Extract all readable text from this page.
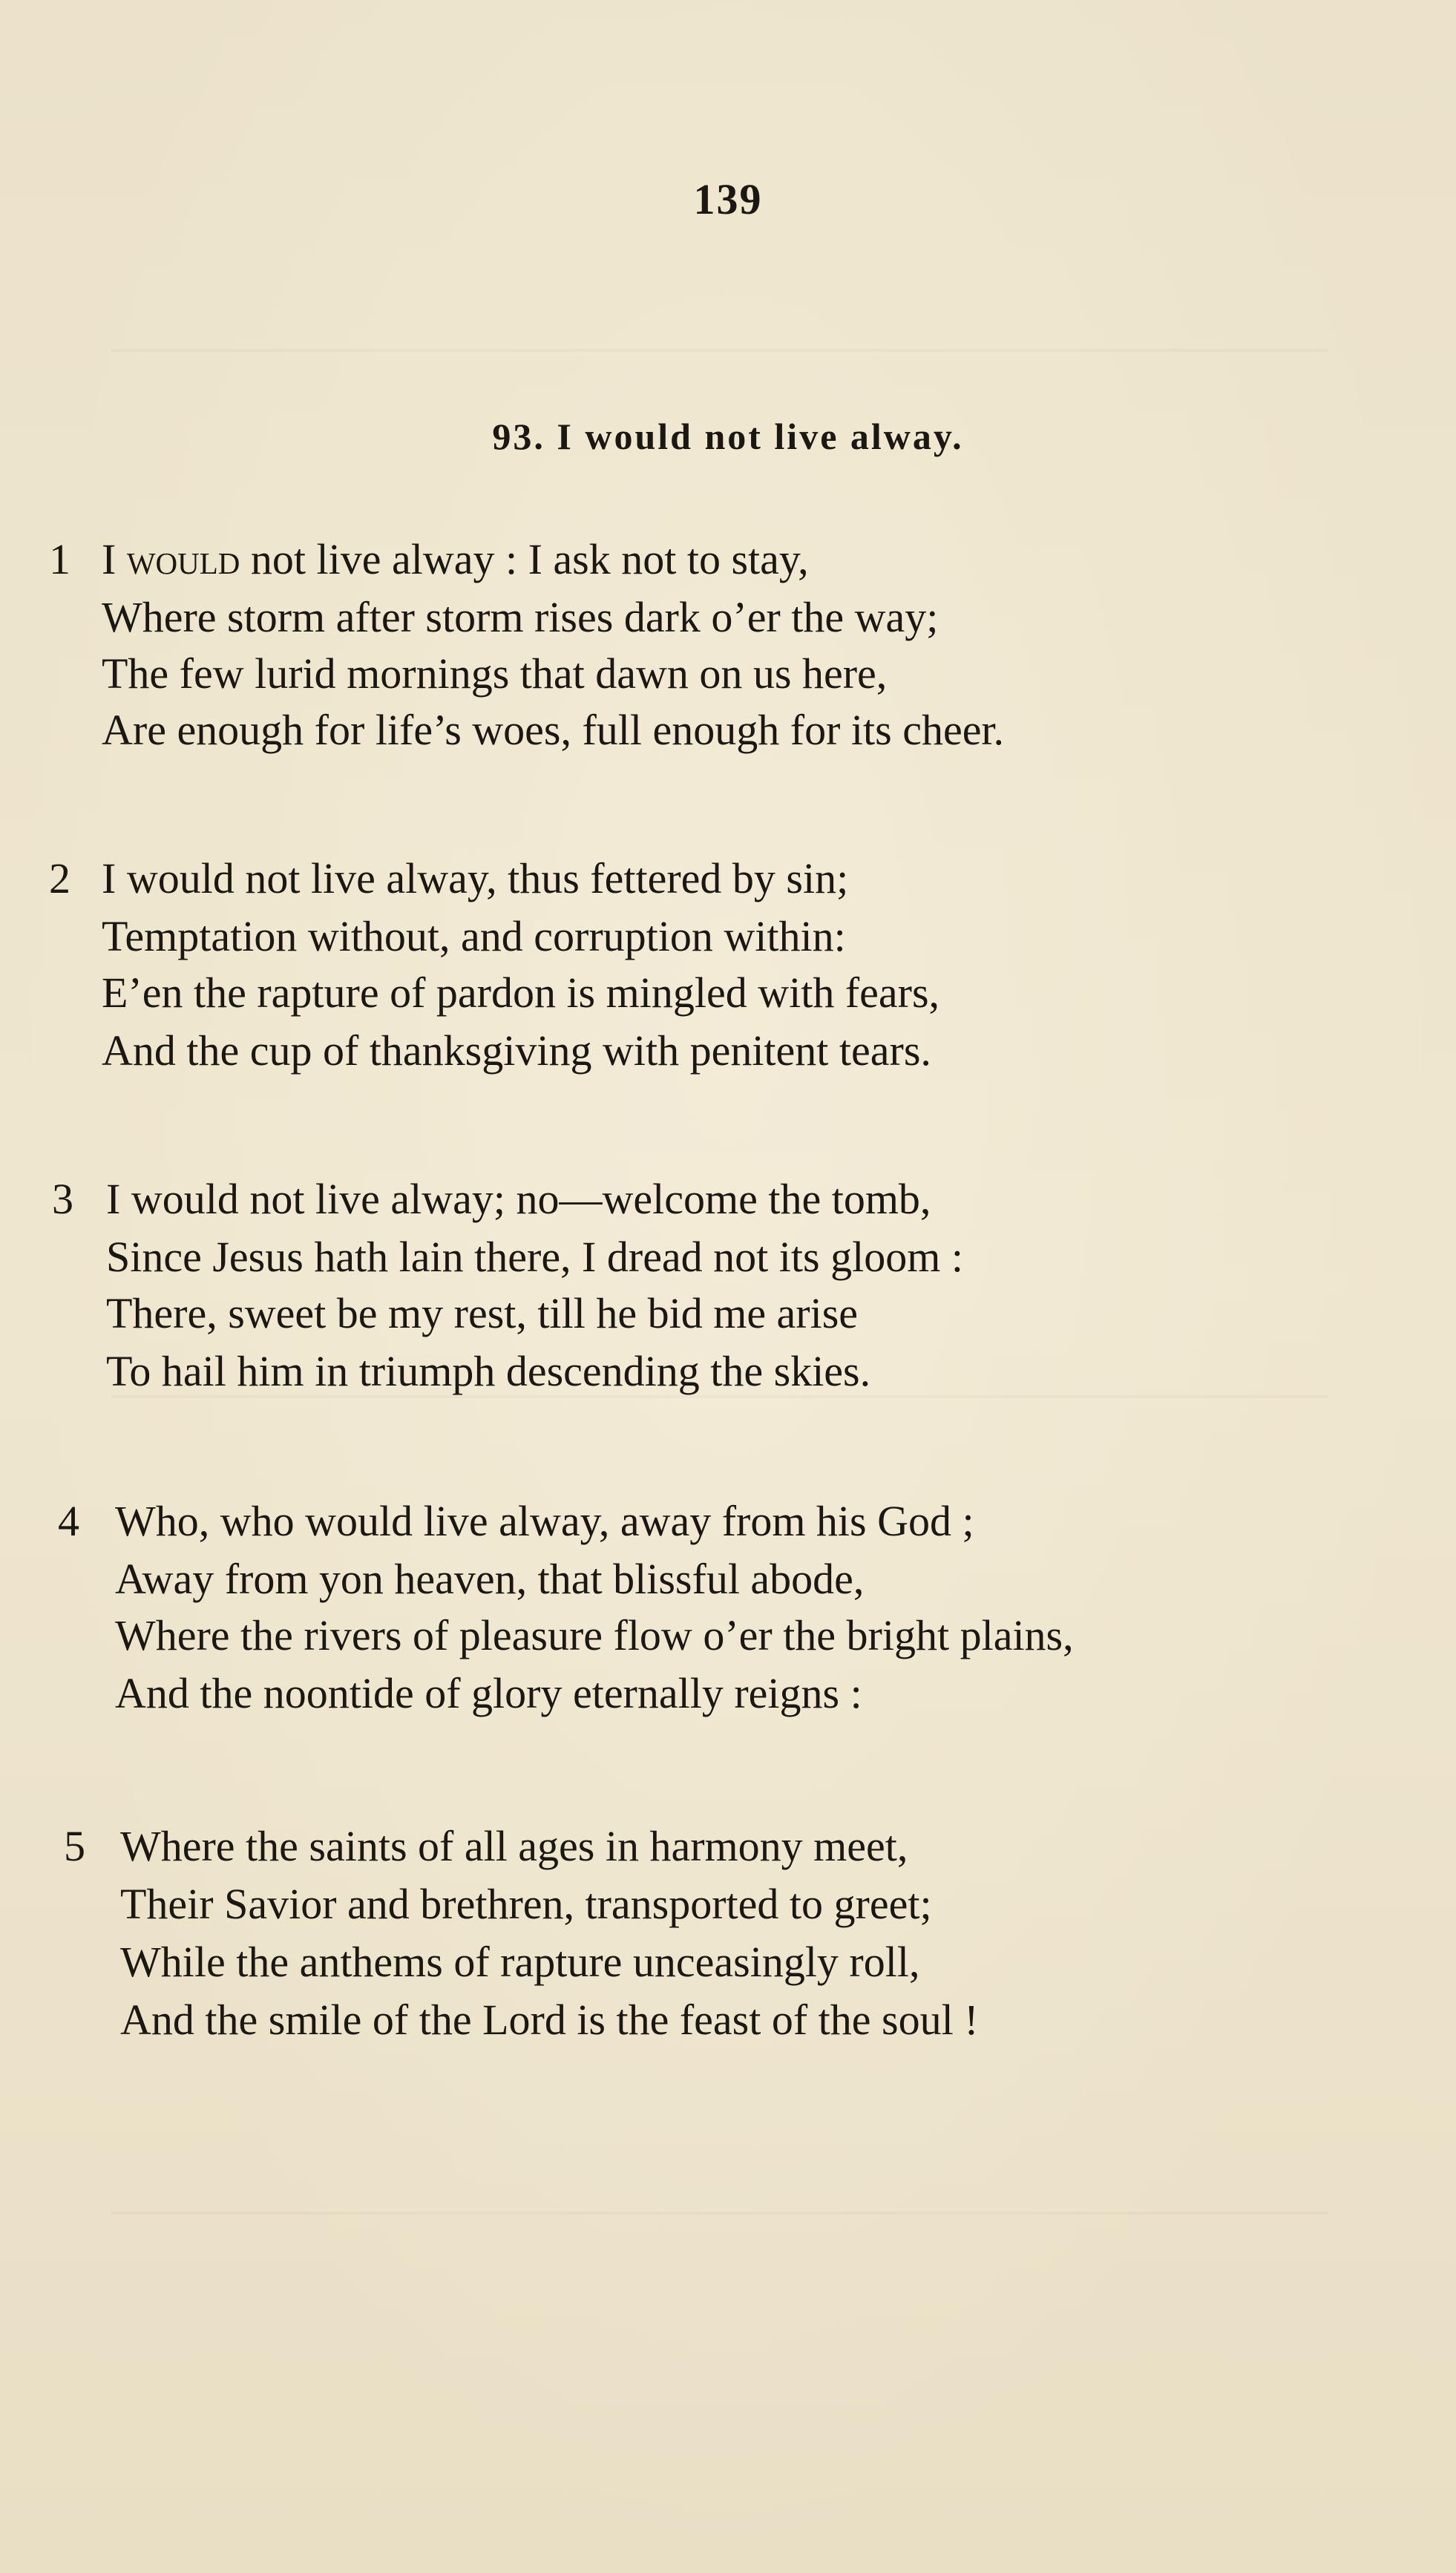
139
93. I would not live alway.
1 I would not live alway : I ask not to stay,
Where storm after storm rises dark o’er the way;
The few lurid mornings that dawn on us here,
Are enough for life’s woes, full enough for its cheer.
2 I would not live alway, thus fettered by sin;
Temptation without, and corruption within:
E’en the rapture of pardon is mingled with fears,
And the cup of thanksgiving with penitent tears.
3 I would not live alway; no—welcome the tomb,
Since Jesus hath lain there, I dread not its gloom :
There, sweet be my rest, till he bid me arise
To hail him in triumph descending the skies.
4 Who, who would live alway, away from his God ;
Away from yon heaven, that blissful abode,
Where the rivers of pleasure flow o’er the bright plains,
And the noontide of glory eternally reigns :
5 Where the saints of all ages in harmony meet,
Their Savior and brethren, transported to greet;
While the anthems of rapture unceasingly roll,
And the smile of the Lord is the feast of the soul !
